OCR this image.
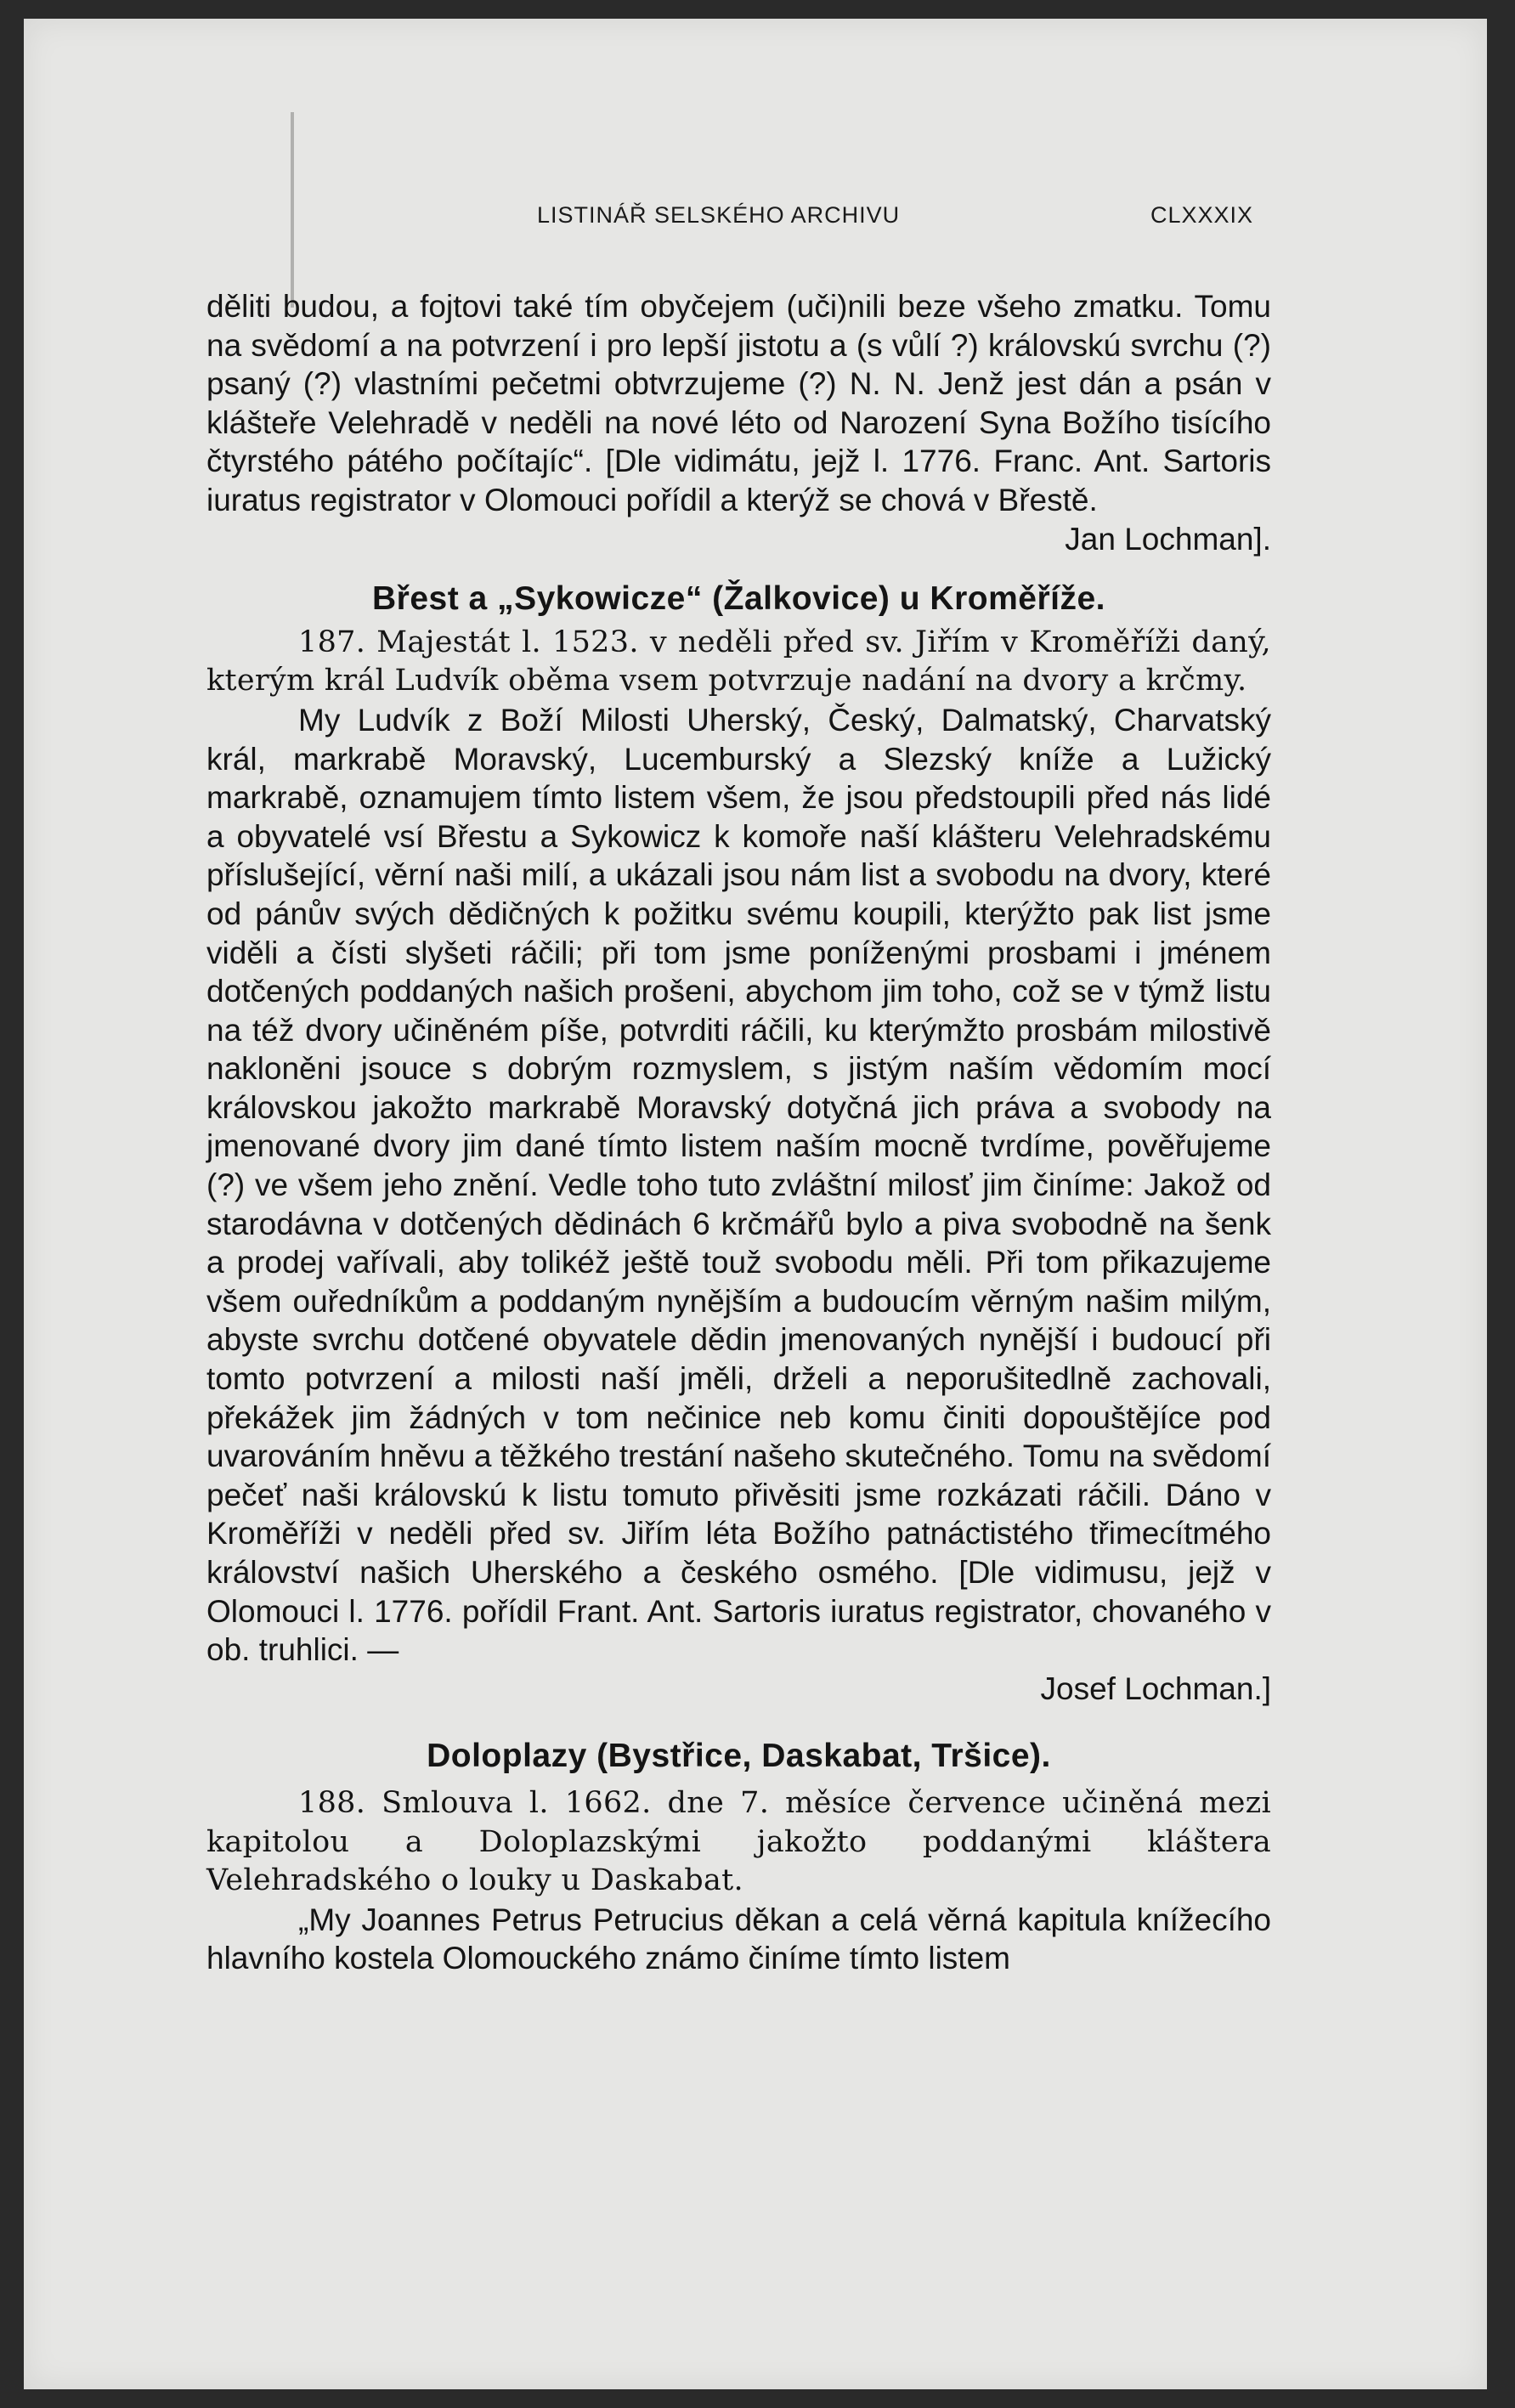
LISTINÁŘ SELSKÉHO ARCHIVU	CLXXXIX

děliti budou, a fojtovi také tím obyčejem (uči)nili beze všeho zmatku. Tomu na svědomí a na potvrzení i pro lepší jistotu a (s vůlí ?) královskú svrchu (?) psaný (?) vlastními pečetmi obtvrzujeme (?) N. N. Jenž jest dán a psán v klášteře Velehradě v neděli na nové léto od Narození Syna Božího tisícího čtyrstého pátého počítajíc“. [Dle vidimátu, jejž l. 1776. Franc. Ant. Sartoris iuratus registrator v Olomouci pořídil a kterýž se chová v Břestě.

Jan Lochman].

Břest a „Sykowicze“ (Žalkovice) u Kroměříže.

187. Majestát l. 1523. v neděli před sv. Jiřím v Kroměříži daný, kterým král Ludvík oběma vsem potvrzuje nadání na dvory a krčmy.

My Ludvík z Boží Milosti Uherský, Český, Dalmatský, Charvatský král, markrabě Moravský, Lucemburský a Slezský kníže a Lužický markrabě, oznamujem tímto listem všem, že jsou předstoupili před nás lidé a obyvatelé vsí Břestu a Sykowicz k komoře naší klášteru Velehradskému příslušející, věrní naši milí, a ukázali jsou nám list a svobodu na dvory, které od pánův svých dědičných k požitku svému koupili, kterýžto pak list jsme viděli a čísti slyšeti ráčili; při tom jsme poníženými prosbami i jménem dotčených poddaných našich prošeni, abychom jim toho, což se v týmž listu na též dvory učiněném píše, potvrditi ráčili, ku kterýmžto prosbám milostivě nakloněni jsouce s dobrým rozmyslem, s jistým naším vědomím mocí královskou jakožto markrabě Moravský dotyčná jich práva a svobody na jmenované dvory jim dané tímto listem naším mocně tvrdíme, pověřujeme (?) ve všem jeho znění. Vedle toho tuto zvláštní milosť jim činíme: Jakož od starodávna v dotčených dědinách 6 krčmářů bylo a piva svobodně na šenk a prodej vařívali, aby tolikéž ještě touž svobodu měli. Při tom přikazujeme všem ouředníkům a poddaným nynějším a budoucím věrným našim milým, abyste svrchu dotčené obyvatele dědin jmenovaných nynější i budoucí při tomto potvrzení a milosti naší jměli, drželi a neporušitedlně zachovali, překážek jim žádných v tom nečinice neb komu činiti dopouštějíce pod uvarováním hněvu a těžkého trestání našeho skutečného. Tomu na svědomí pečeť naši královskú k listu tomuto přivěsiti jsme rozkázati ráčili. Dáno v Kroměříži v neděli před sv. Jiřím léta Božího patnáctistého třimecítmého království našich Uherského a českého osmého. [Dle vidimusu, jejž v Olomouci l. 1776. pořídil Frant. Ant. Sartoris iuratus registrator, chovaného v ob. truhlici. —

Josef Lochman.]

Doloplazy (Bystřice, Daskabat, Tršice).

188. Smlouva l. 1662. dne 7. měsíce července učiněná mezi kapitolou a Doloplazskými jakožto poddanými kláštera Velehradského o louky u Daskabat.

„My Joannes Petrus Petrucius děkan a celá věrná kapitula knížecího hlavního kostela Olomouckého známo činíme tímto listem
